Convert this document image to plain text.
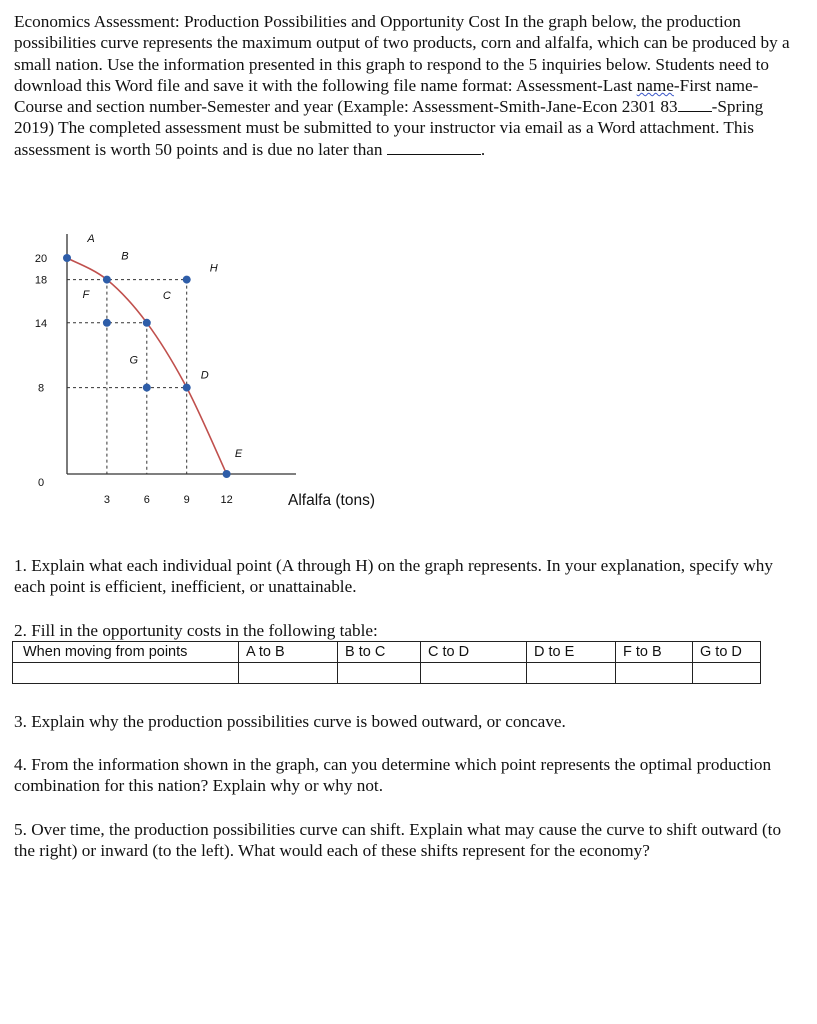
Economics Assessment: Production Possibilities and Opportunity Cost In the graph below, the production possibilities curve represents the maximum output of two products, corn and alfalfa, which can be produced by a small nation. Use the information presented in this graph to respond to the 5 inquiries below. Students need to download this Word file and save it with the following file name format: Assessment-Last name-First name-Course and section number-Semester and year (Example: Assessment-Smith-Jane-Econ 2301 83 -Spring 2019) The completed assessment must be submitted to your instructor via email as a Word attachment. This assessment is worth 50 points and is due no later than	.

20
18
14
8
0
3	6	9	12
A
B
C
D
E
F
G
H
Alfalfa (tons)

1. Explain what each individual point (A through H) on the graph represents. In your explanation, specify why each point is efficient, inefficient, or unattainable.

2. Fill in the opportunity costs in the following table:

When moving from points	A to B	B to C	C to D	D to E	F to B	G to D

3. Explain why the production possibilities curve is bowed outward, or concave.

4. From the information shown in the graph, can you determine which point represents the optimal production combination for this nation? Explain why or why not.

5. Over time, the production possibilities curve can shift. Explain what may cause the curve to shift outward (to the right) or inward (to the left). What would each of these shifts represent for the economy?
